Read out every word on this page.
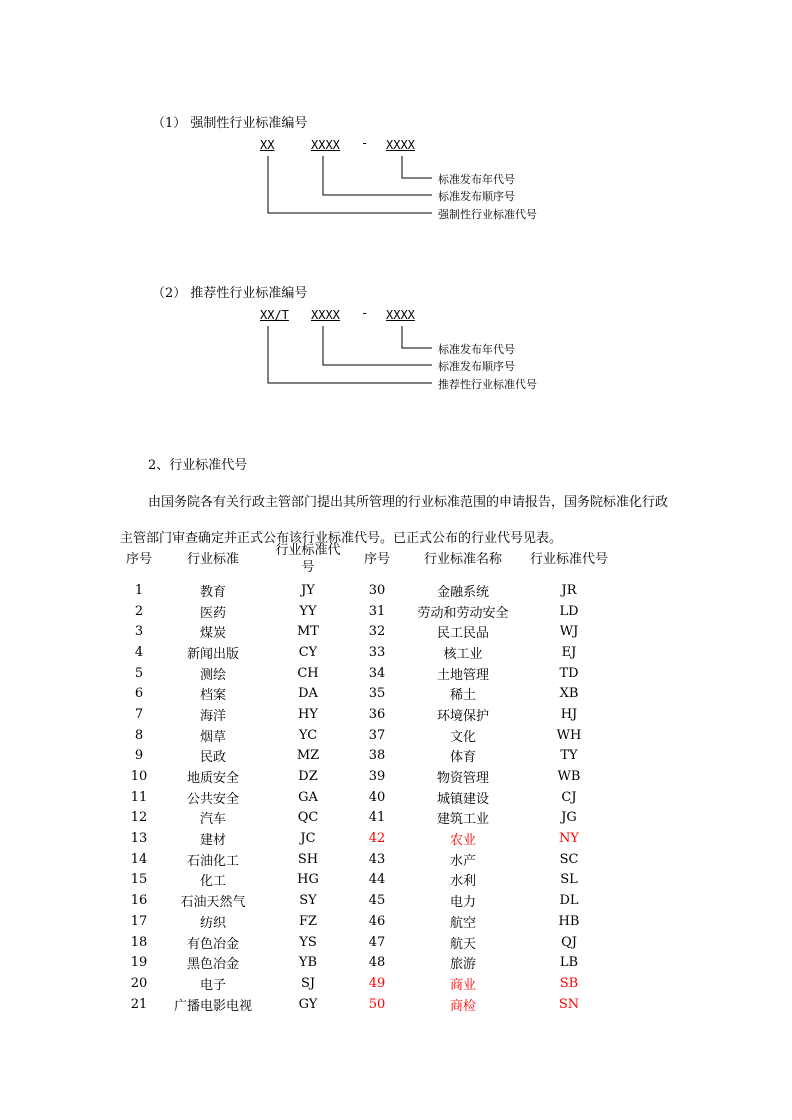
（1） 强制性行业标准编号
XX	XXXX - XXXX
标准发布年代号
标准发布顺序号
强制性行业标准代号
（2） 推荐性行业标准编号
XX/T XXXX - XXXX
标准发布年代号
标准发布顺序号
推荐性行业标准代号
2、行业标准代号
由国务院各有关行政主管部门提出其所管理的行业标准范围的申请报告，国务院标准化行政主管部门审查确定并正式公布该行业标准代号。已正式公布的行业代号见表。
序号	行业标准	行业标准代号	序号	行业标准名称	行业标准代号
1	教育	JY	30	金融系统	JR
2	医药	YY	31	劳动和劳动安全	LD
3	煤炭	MT	32	民工民品	WJ
4	新闻出版	CY	33	核工业	EJ
5	测绘	CH	34	土地管理	TD
6	档案	DA	35	稀土	XB
7	海洋	HY	36	环境保护	HJ
8	烟草	YC	37	文化	WH
9	民政	MZ	38	体育	TY
10	地质安全	DZ	39	物资管理	WB
11	公共安全	GA	40	城镇建设	CJ
12	汽车	QC	41	建筑工业	JG
13	建材	JC	42	农业	NY
14	石油化工	SH	43	水产	SC
15	化工	HG	44	水利	SL
16	石油天然气	SY	45	电力	DL
17	纺织	FZ	46	航空	HB
18	有色冶金	YS	47	航天	QJ
19	黑色冶金	YB	48	旅游	LB
20	电子	SJ	49	商业	SB
21	广播电影电视	GY	50	商检	SN
